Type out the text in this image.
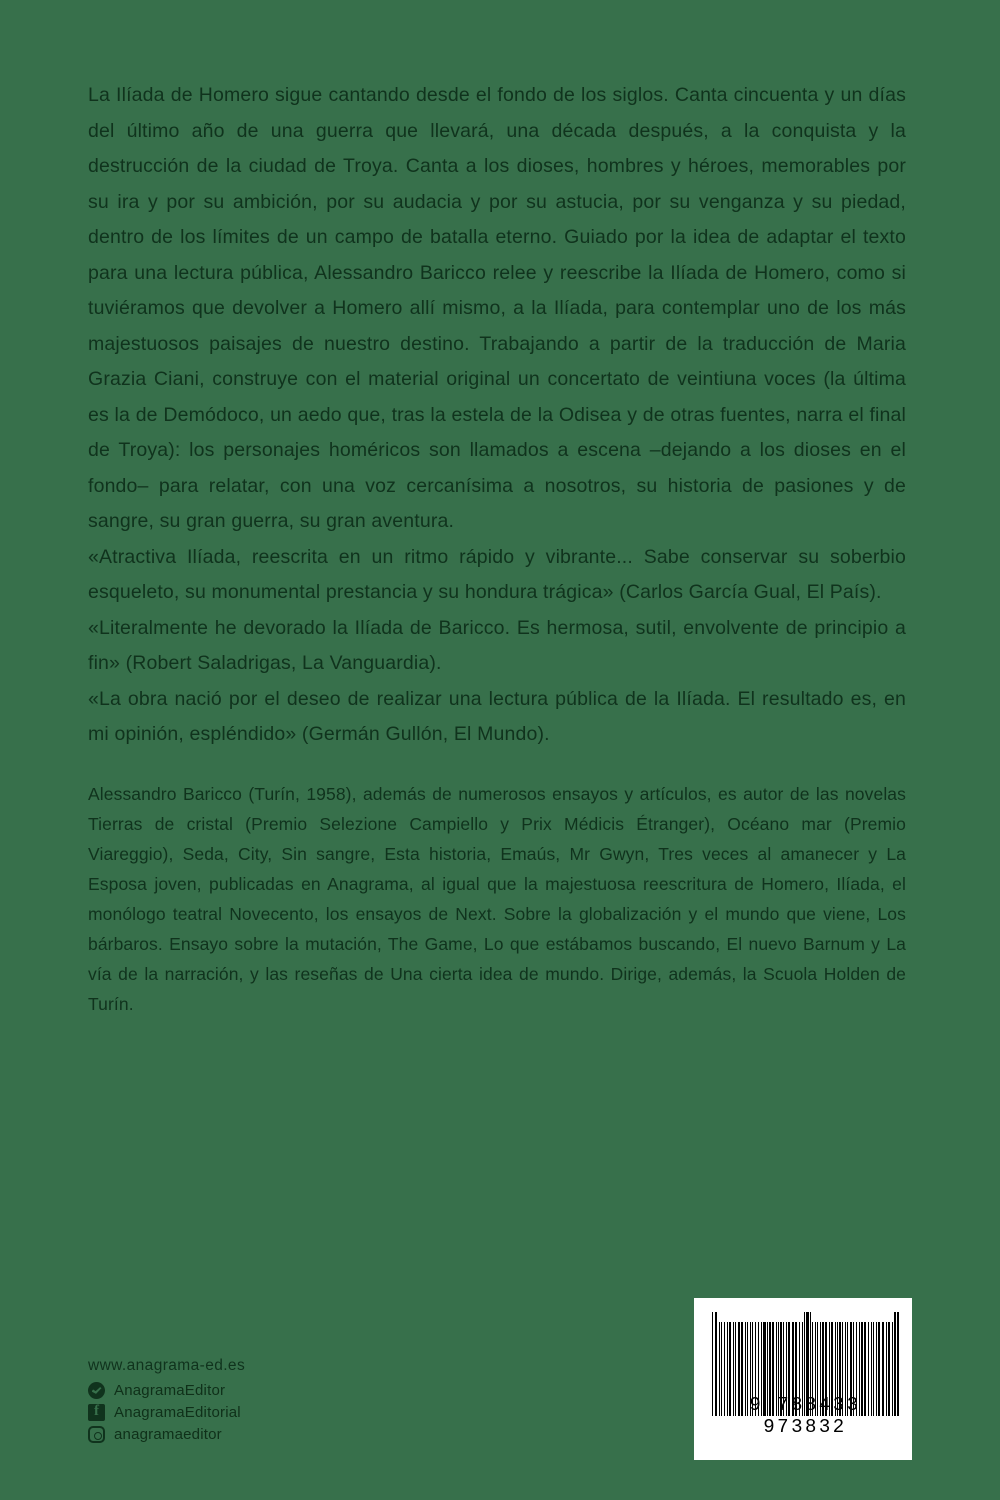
La Ilíada de Homero sigue cantando desde el fondo de los siglos. Canta cincuenta y un días del último año de una guerra que llevará, una década después, a la conquista y la destrucción de la ciudad de Troya. Canta a los dioses, hombres y héroes, memorables por su ira y por su ambición, por su audacia y por su astucia, por su venganza y su piedad, dentro de los límites de un campo de batalla eterno. Guiado por la idea de adaptar el texto para una lectura pública, Alessandro Baricco relee y reescribe la Ilíada de Homero, como si tuviéramos que devolver a Homero allí mismo, a la Ilíada, para contemplar uno de los más majestuosos paisajes de nuestro destino. Trabajando a partir de la traducción de Maria Grazia Ciani, construye con el material original un concertato de veintiuna voces (la última es la de Demódoco, un aedo que, tras la estela de la Odisea y de otras fuentes, narra el final de Troya): los personajes homéricos son llamados a escena –dejando a los dioses en el fondo– para relatar, con una voz cercanísima a nosotros, su historia de pasiones y de sangre, su gran guerra, su gran aventura.

«Atractiva Ilíada, reescrita en un ritmo rápido y vibrante... Sabe conservar su soberbio esqueleto, su monumental prestancia y su hondura trágica» (Carlos García Gual, El País).

«Literalmente he devorado la Ilíada de Baricco. Es hermosa, sutil, envolvente de principio a fin» (Robert Saladrigas, La Vanguardia).

«La obra nació por el deseo de realizar una lectura pública de la Ilíada. El resultado es, en mi opinión, espléndido» (Germán Gullón, El Mundo).

Alessandro Baricco (Turín, 1958), además de numerosos ensayos y artículos, es autor de las novelas Tierras de cristal (Premio Selezione Campiello y Prix Médicis Étranger), Océano mar (Premio Viareggio), Seda, City, Sin sangre, Esta historia, Emaús, Mr Gwyn, Tres veces al amanecer y La Esposa joven, publicadas en Anagrama, al igual que la majestuosa reescritura de Homero, Ilíada, el monólogo teatral Novecento, los ensayos de Next. Sobre la globalización y el mundo que viene, Los bárbaros. Ensayo sobre la mutación, The Game, Lo que estábamos buscando, El nuevo Barnum y La vía de la narración, y las reseñas de Una cierta idea de mundo. Dirige, además, la Scuola Holden de Turín.

www.anagrama-ed.es
AnagramaEditor
f
AnagramaEditorial
anagramaeditor
9 788433 973832
